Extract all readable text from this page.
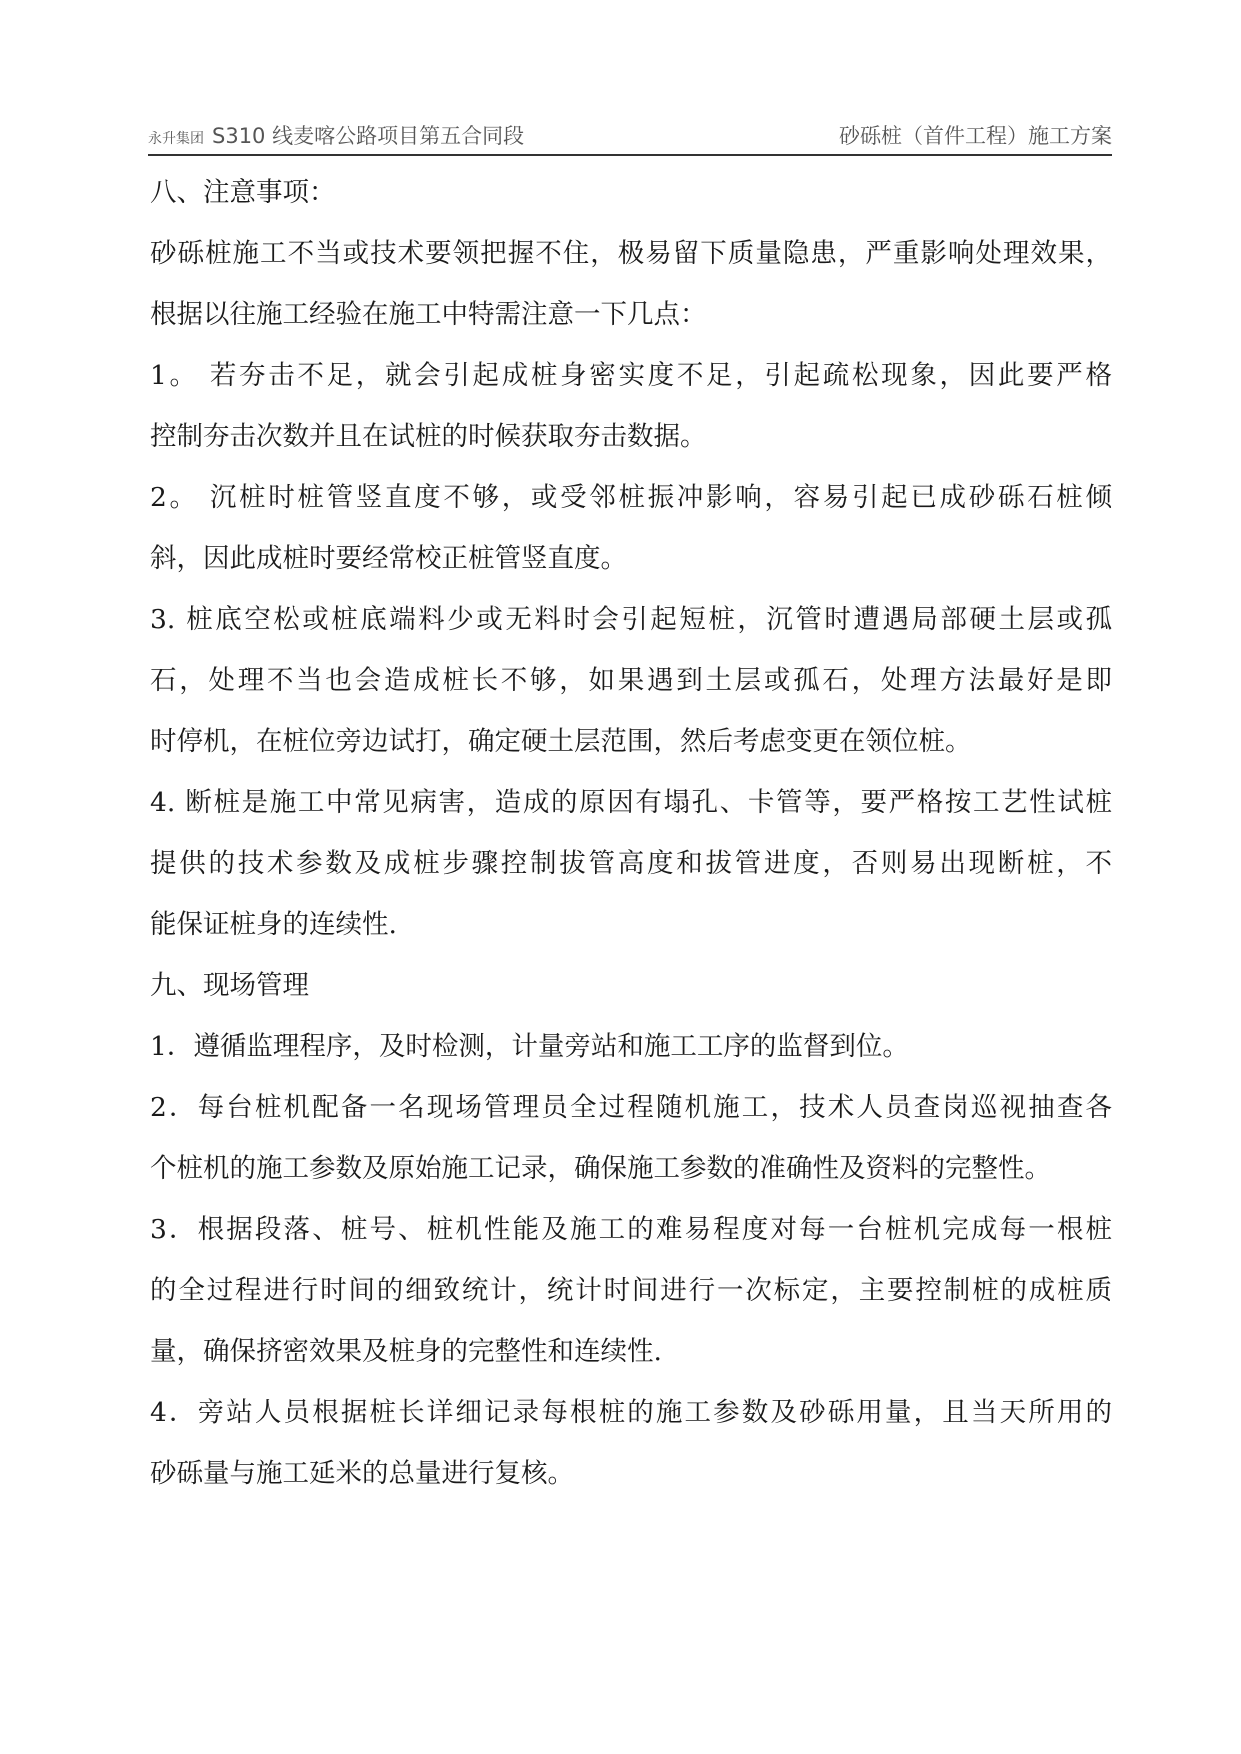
永升集团 S310 线麦喀公路项目第五合同段	砂砾桩（首件工程）施工方案
八、注意事项：
砂砾桩施工不当或技术要领把握不住，极易留下质量隐患，严重影响处理效果，
根据以往施工经验在施工中特需注意一下几点：
1。 若夯击不足，就会引起成桩身密实度不足，引起疏松现象，因此要严格
控制夯击次数并且在试桩的时候获取夯击数据。
2。 沉桩时桩管竖直度不够，或受邻桩振冲影响，容易引起已成砂砾石桩倾
斜，因此成桩时要经常校正桩管竖直度。
3. 桩底空松或桩底端料少或无料时会引起短桩，沉管时遭遇局部硬土层或孤
石，处理不当也会造成桩长不够，如果遇到土层或孤石，处理方法最好是即
时停机，在桩位旁边试打，确定硬土层范围，然后考虑变更在领位桩。
4. 断桩是施工中常见病害，造成的原因有塌孔、卡管等，要严格按工艺性试桩
提供的技术参数及成桩步骤控制拔管高度和拔管进度，否则易出现断桩，不
能保证桩身的连续性.
九、现场管理
1．遵循监理程序，及时检测，计量旁站和施工工序的监督到位。
2．每台桩机配备一名现场管理员全过程随机施工，技术人员查岗巡视抽查各
个桩机的施工参数及原始施工记录，确保施工参数的准确性及资料的完整性。
3．根据段落、桩号、桩机性能及施工的难易程度对每一台桩机完成每一根桩
的全过程进行时间的细致统计，统计时间进行一次标定，主要控制桩的成桩质
量，确保挤密效果及桩身的完整性和连续性.
4．旁站人员根据桩长详细记录每根桩的施工参数及砂砾用量，且当天所用的
砂砾量与施工延米的总量进行复核。
